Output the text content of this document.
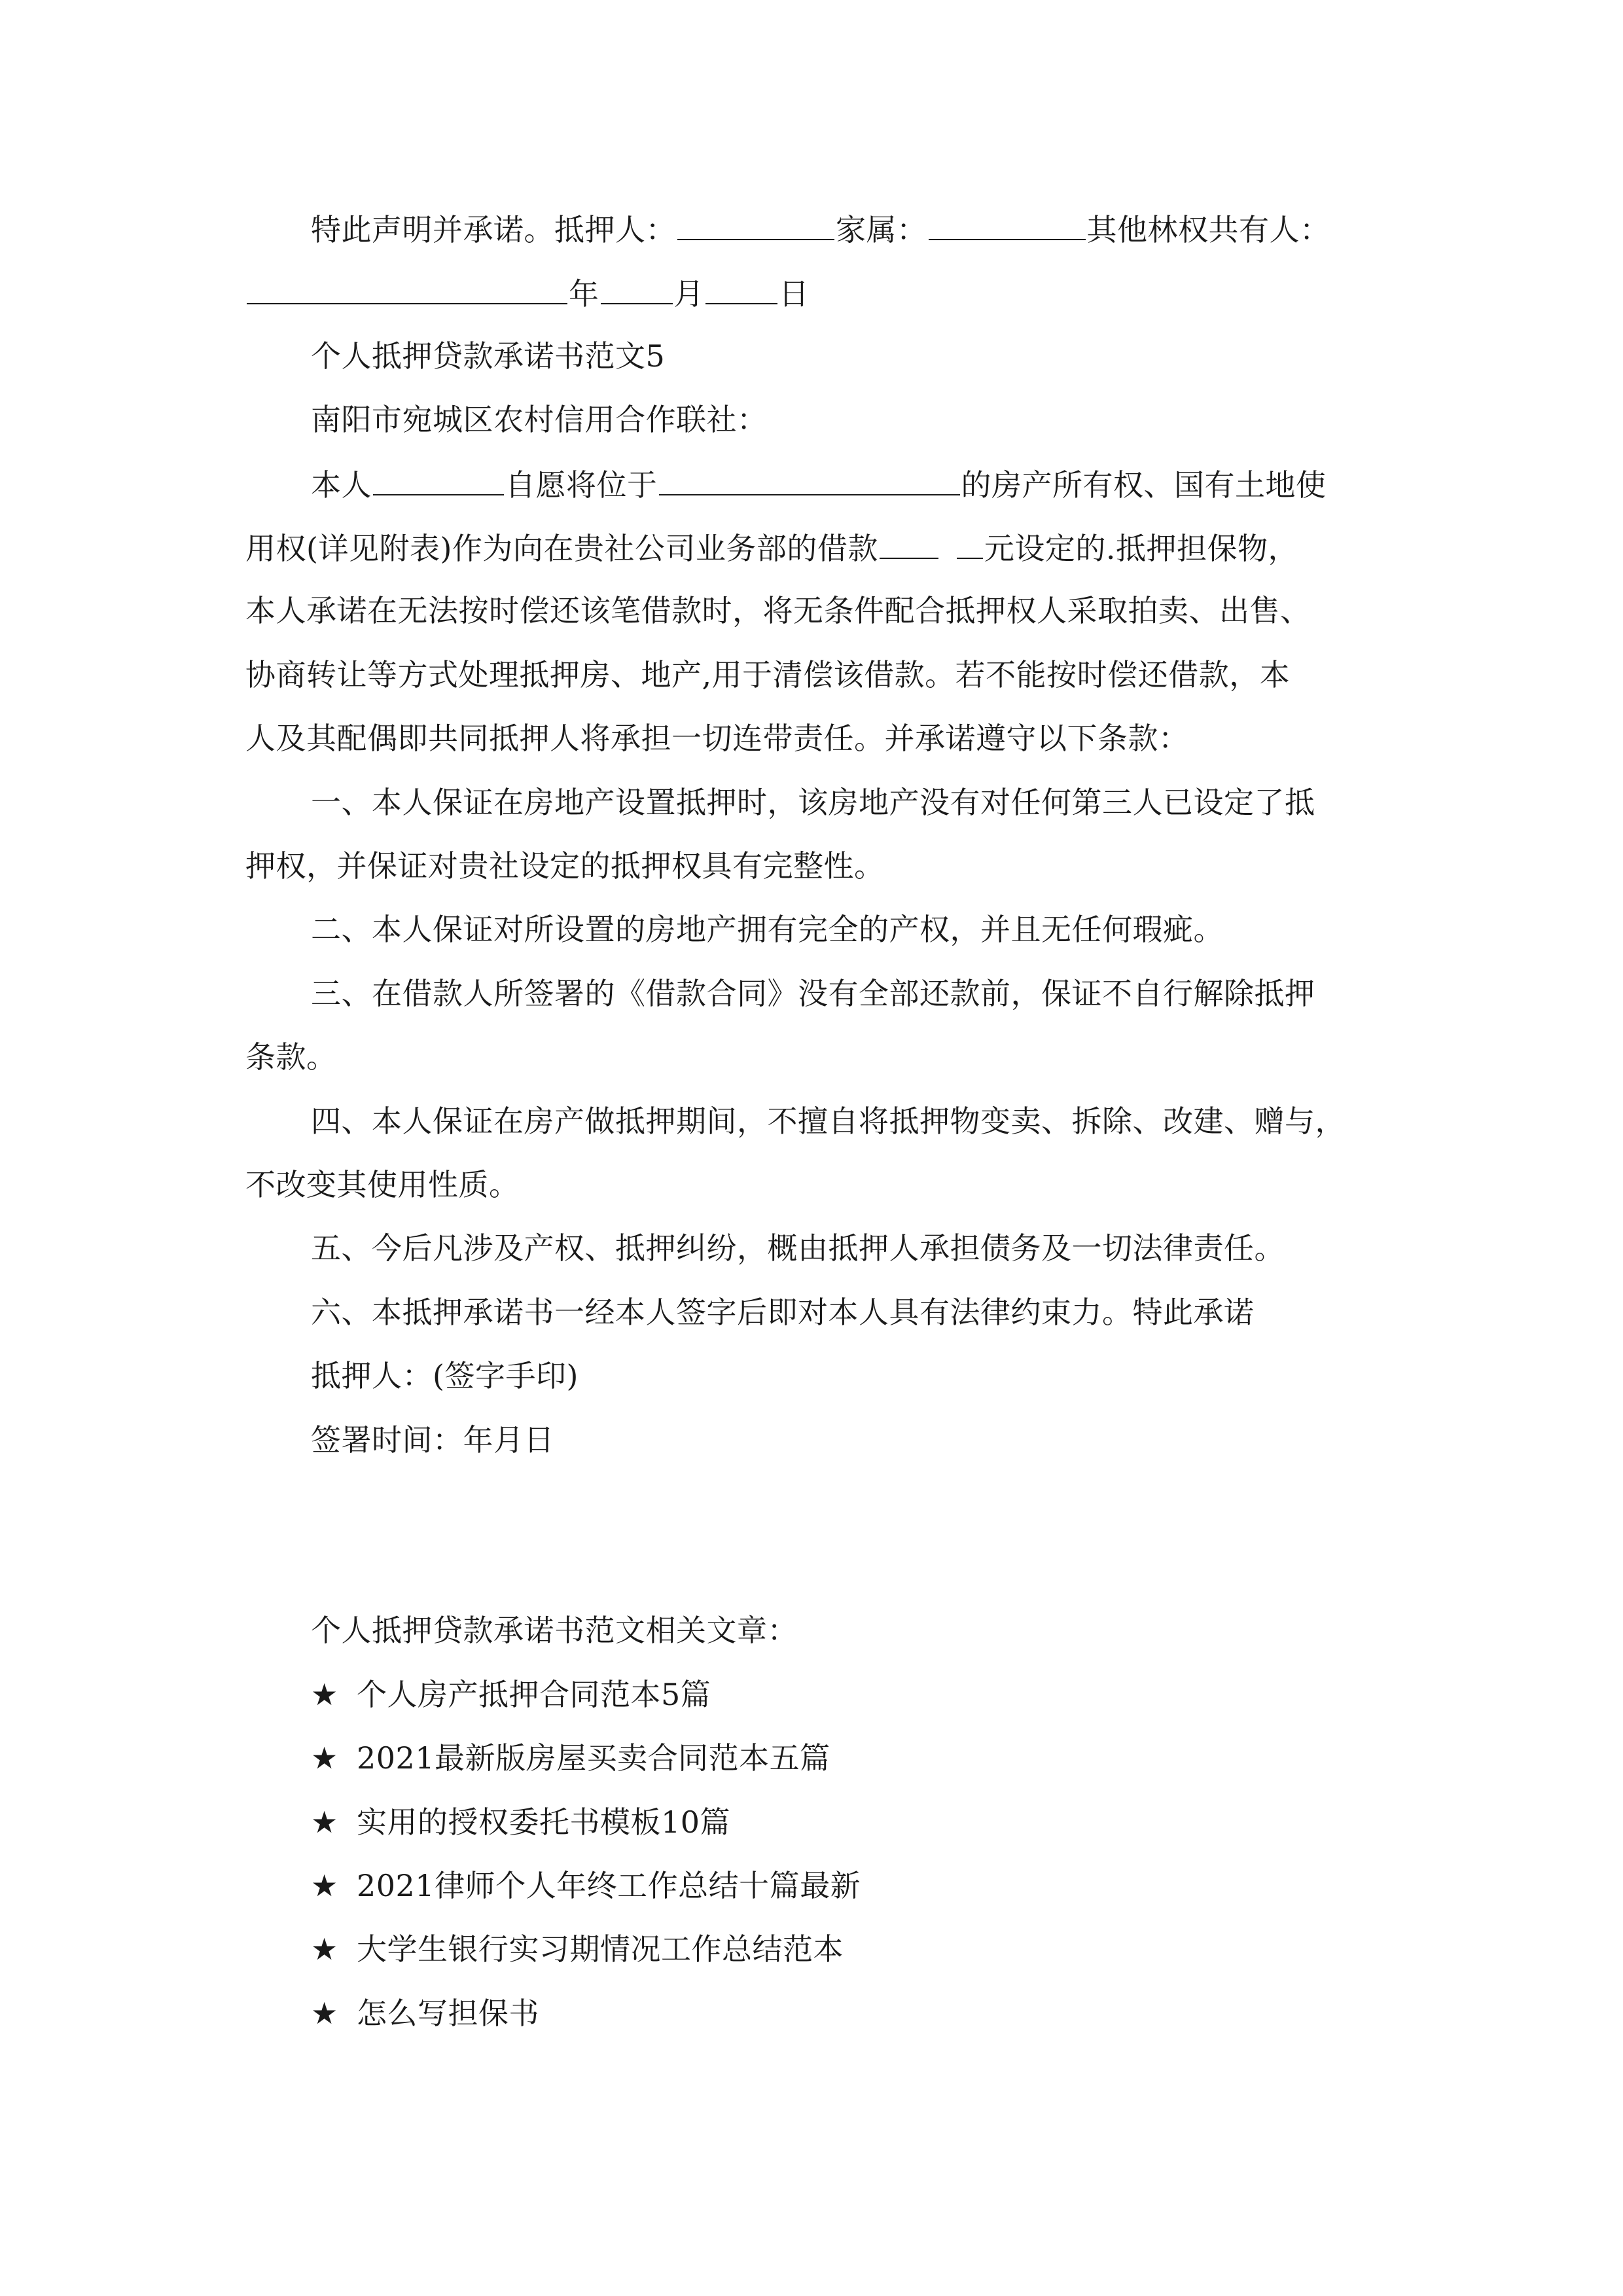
特此声明并承诺。抵押人：	家属：	其他林权共有人：
年 月 日
个人抵押贷款承诺书范文5
南阳市宛城区农村信用合作联社：
本人	自愿将位于	的房产所有权、国有土地使
用权(详见附表)作为向在贵社公司业务部的借款	元设定的.抵押担保物，
本人承诺在无法按时偿还该笔借款时，将无条件配合抵押权人采取拍卖、出售、
协商转让等方式处理抵押房、地产,用于清偿该借款。若不能按时偿还借款，本
人及其配偶即共同抵押人将承担一切连带责任。并承诺遵守以下条款：
一、本人保证在房地产设置抵押时，该房地产没有对任何第三人已设定了抵
押权，并保证对贵社设定的抵押权具有完整性。
二、本人保证对所设置的房地产拥有完全的产权，并且无任何瑕疵。
三、在借款人所签署的《借款合同》没有全部还款前，保证不自行解除抵押
条款。
四、本人保证在房产做抵押期间，不擅自将抵押物变卖、拆除、改建、赠与，
不改变其使用性质。
五、今后凡涉及产权、抵押纠纷，概由抵押人承担债务及一切法律责任。
六、本抵押承诺书一经本人签字后即对本人具有法律约束力。特此承诺
抵押人：(签字手印)
签署时间：年月日
个人抵押贷款承诺书范文相关文章：
★ 个人房产抵押合同范本5篇
★ 2021最新版房屋买卖合同范本五篇
★ 实用的授权委托书模板10篇
★ 2021律师个人年终工作总结十篇最新
★ 大学生银行实习期情况工作总结范本
★ 怎么写担保书
